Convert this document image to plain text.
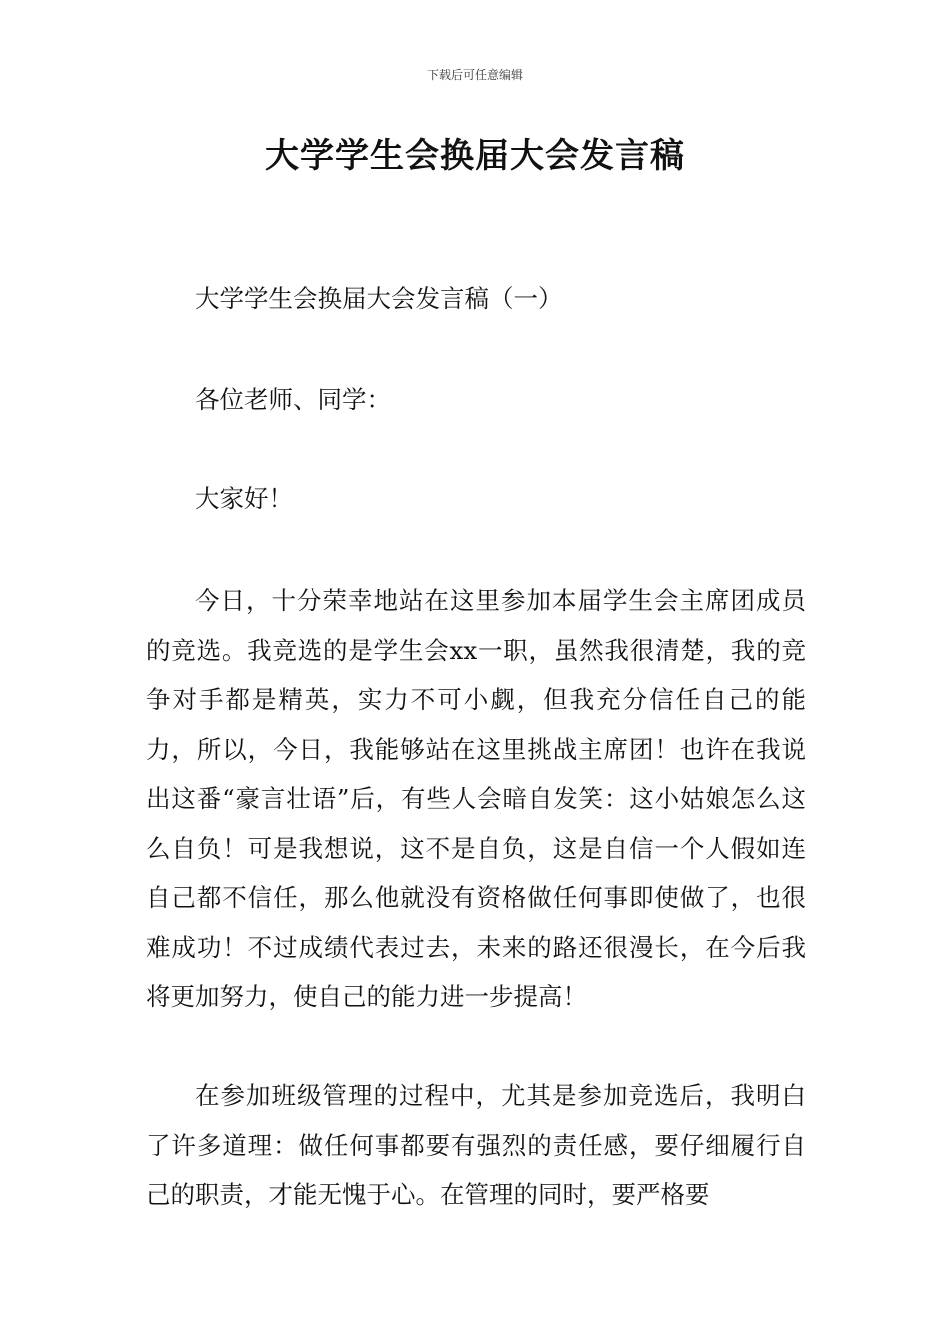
下载后可任意编辑
大学学生会换届大会发言稿
大学学生会换届大会发言稿（一）
各位老师、同学：
大家好！
今日，十分荣幸地站在这里参加本届学生会主席团成员的竞选。我竞选的是学生会xx一职，虽然我很清楚，我的竞争对手都是精英，实力不可小觑，但我充分信任自己的能力，所以，今日，我能够站在这里挑战主席团！也许在我说出这番“豪言壮语”后，有些人会暗自发笑：这小姑娘怎么这么自负！可是我想说，这不是自负，这是自信一个人假如连自己都不信任，那么他就没有资格做任何事即使做了，也很难成功！不过成绩代表过去，未来的路还很漫长，在今后我将更加努力，使自己的能力进一步提高！
在参加班级管理的过程中，尤其是参加竞选后，我明白了许多道理：做任何事都要有强烈的责任感，要仔细履行自己的职责，才能无愧于心。在管理的同时，要严格要
